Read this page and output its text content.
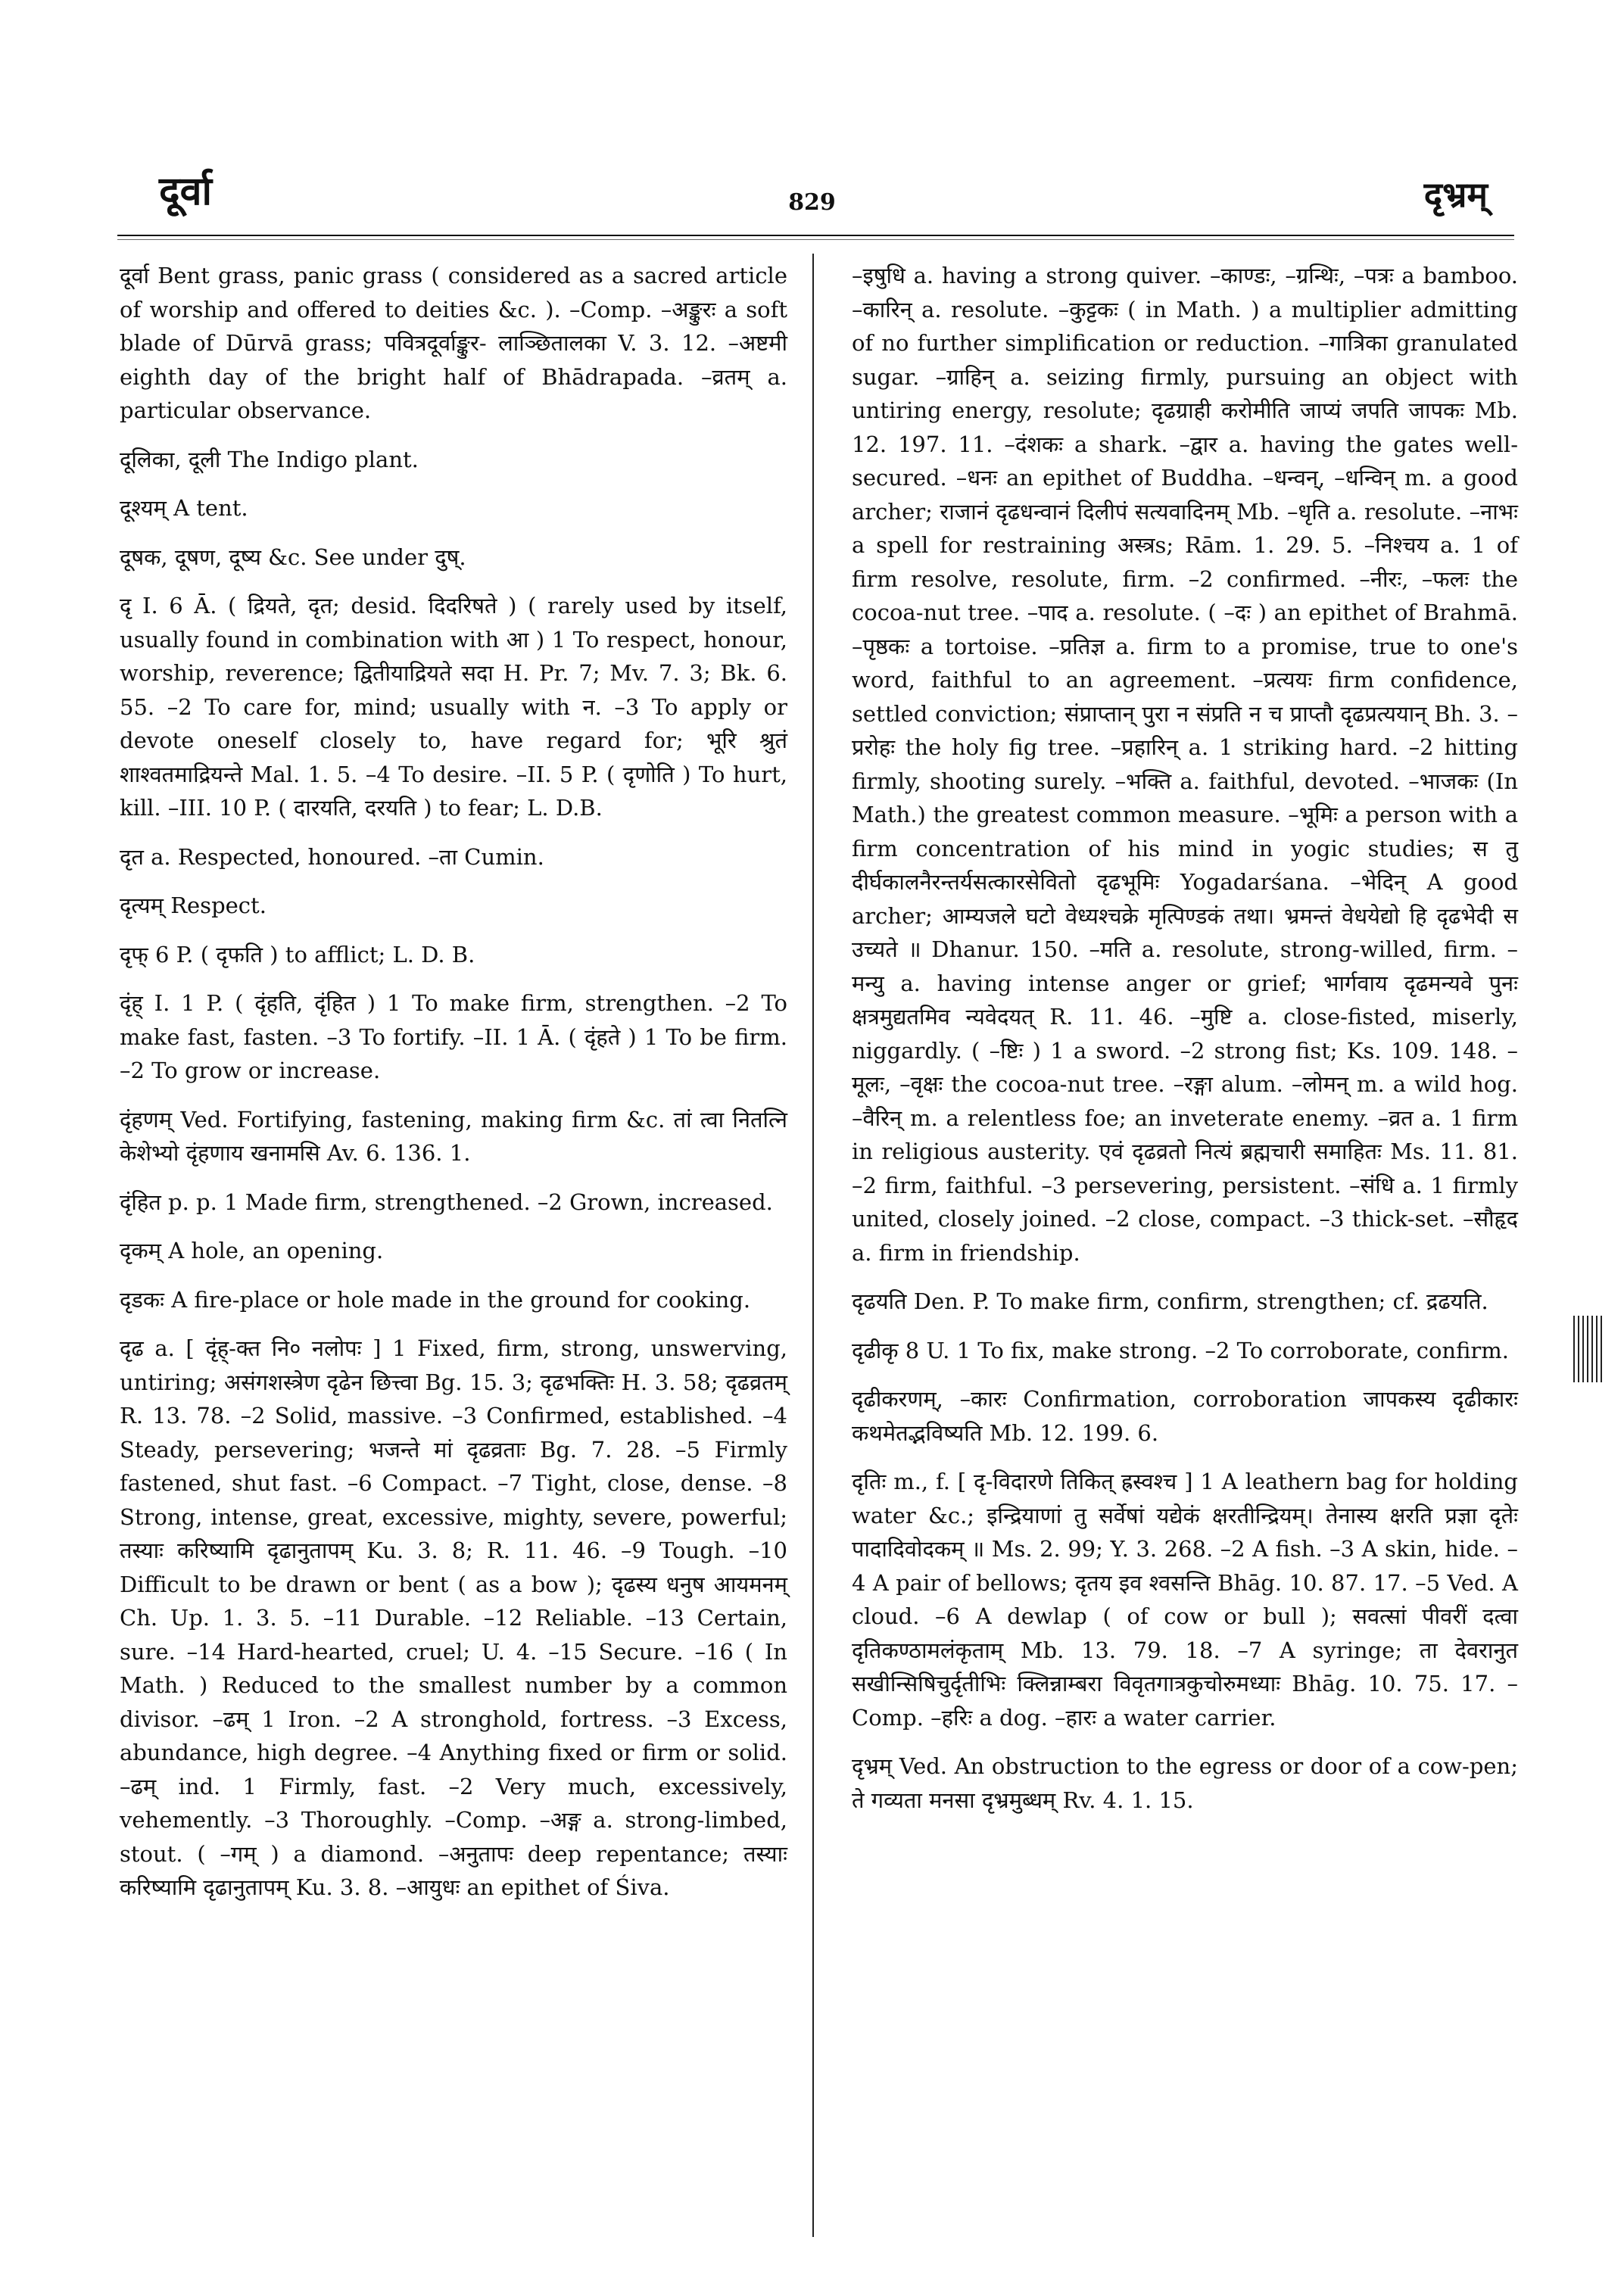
दूर्वा	829	दृभ्रम्

दूर्वा Bent grass, panic grass ( considered as a sacred article of worship and offered to deities &c. ). –Comp. –अङ्कुरः a soft blade of Dūrvā grass; पवित्रदूर्वाङ्कुर- लाञ्छितालका V. 3. 12. –अष्टमी eighth day of the bright half of Bhādrapada. –व्रतम् a. particular observance.

दूलिका, दूली The Indigo plant.

दूश्यम् A tent.

दूषक, दूषण, दूष्य &c. See under दुष्.

दृ I. 6 Ā. ( द्रियते, दृत; desid. दिदरिषते ) ( rarely used by itself, usually found in combination with आ ) 1 To respect, honour, worship, reverence; द्वितीयाद्रियते सदा H. Pr. 7; Mv. 7. 3; Bk. 6. 55. –2 To care for, mind; usually with न. –3 To apply or devote oneself closely to, have regard for; भूरि श्रुतं शाश्वतमाद्रियन्ते Mal. 1. 5. –4 To desire. –II. 5 P. ( दृणोति ) To hurt, kill. –III. 10 P. ( दारयति, दरयति ) to fear; L. D.B.

दृत a. Respected, honoured. –ता Cumin.

दृत्यम् Respect.

दृफ् 6 P. ( दृफति ) to afflict; L. D. B.

दृंह् I. 1 P. ( दृंहति, दृंहित ) 1 To make firm, strengthen. –2 To make fast, fasten. –3 To fortify. –II. 1 Ā. ( दृंहते ) 1 To be firm. –2 To grow or increase.

दृंहणम् Ved. Fortifying, fastening, making firm &c. तां त्वा नितत्नि केशेभ्यो दृंहणाय खनामसि Av. 6. 136. 1.

दृंहित p. p. 1 Made firm, strengthened. –2 Grown, increased.

दृकम् A hole, an opening.

दृडकः A fire-place or hole made in the ground for cooking.

दृढ a. [ दृंह्-क्त नि० नलोपः ] 1 Fixed, firm, strong, unswerving, untiring; असंगशस्त्रेण दृढेन छित्त्वा Bg. 15. 3; दृढभक्तिः H. 3. 58; दृढव्रतम् R. 13. 78. –2 Solid, massive. –3 Confirmed, established. –4 Steady, persevering; भजन्ते मां दृढव्रताः Bg. 7. 28. –5 Firmly fastened, shut fast. –6 Compact. –7 Tight, close, dense. –8 Strong, intense, great, excessive, mighty, severe, powerful; तस्याः करिष्यामि दृढानुतापम् Ku. 3. 8; R. 11. 46. –9 Tough. –10 Difficult to be drawn or bent ( as a bow ); दृढस्य धनुष आयमनम् Ch. Up. 1. 3. 5. –11 Durable. –12 Reliable. –13 Certain, sure. –14 Hard-hearted, cruel; U. 4. –15 Secure. –16 ( In Math. ) Reduced to the smallest number by a common divisor. –ढम् 1 Iron. –2 A stronghold, fortress. –3 Excess, abundance, high degree. –4 Anything fixed or firm or solid. –ढम् ind. 1 Firmly, fast. –2 Very much, excessively, vehemently. –3 Thoroughly. –Comp. –अङ्ग a. strong-limbed, stout. ( –गम् ) a diamond. –अनुतापः deep repentance; तस्याः करिष्यामि दृढानुतापम् Ku. 3. 8. –आयुधः an epithet of Śiva.

–इषुधि a. having a strong quiver. –काण्डः, –ग्रन्थिः, –पत्रः a bamboo. –कारिन् a. resolute. –कुट्टकः ( in Math. ) a multiplier admitting of no further simplification or reduction. –गात्रिका granulated sugar. –ग्राहिन् a. seizing firmly, pursuing an object with untiring energy, resolute; दृढग्राही करोमीति जाप्यं जपति जापकः Mb. 12. 197. 11. –दंशकः a shark. –द्वार a. having the gates well-secured. –धनः an epithet of Buddha. –धन्वन्, –धन्विन् m. a good archer; राजानं दृढधन्वानं दिलीपं सत्यवादिनम् Mb. –धृति a. resolute. –नाभः a spell for restraining अस्त्रs; Rām. 1. 29. 5. –निश्चय a. 1 of firm resolve, resolute, firm. –2 confirmed. –नीरः, –फलः the cocoa-nut tree. –पाद a. resolute. ( –दः ) an epithet of Brahmā. –पृष्ठकः a tortoise. –प्रतिज्ञ a. firm to a promise, true to one's word, faithful to an agreement. –प्रत्ययः firm confidence, settled conviction; संप्राप्तान् पुरा न संप्रति न च प्राप्तौ दृढप्रत्ययान् Bh. 3. –प्ररोहः the holy fig tree. –प्रहारिन् a. 1 striking hard. –2 hitting firmly, shooting surely. –भक्ति a. faithful, devoted. –भाजकः (In Math.) the greatest common measure. –भूमिः a person with a firm concentration of his mind in yogic studies; स तु दीर्घकालनैरन्तर्यसत्कारसेवितो दृढभूमिः Yogadarśana. –भेदिन् A good archer; आम्यजले घटो वेध्यश्चक्रे मृत्पिण्डकं तथा। भ्रमन्तं वेधयेद्यो हि दृढभेदी स उच्यते ॥ Dhanur. 150. –मति a. resolute, strong-willed, firm. –मन्यु a. having intense anger or grief; भार्गवाय दृढमन्यवे पुनः क्षत्रमुद्यतमिव न्यवेदयत् R. 11. 46. –मुष्टि a. close-fisted, miserly, niggardly. ( –ष्टिः ) 1 a sword. –2 strong fist; Ks. 109. 148. –मूलः, –वृक्षः the cocoa-nut tree. –रङ्गा alum. –लोमन् m. a wild hog. –वैरिन् m. a relentless foe; an inveterate enemy. –व्रत a. 1 firm in religious austerity. एवं दृढव्रतो नित्यं ब्रह्मचारी समाहितः Ms. 11. 81. –2 firm, faithful. –3 persevering, persistent. –संधि a. 1 firmly united, closely joined. –2 close, compact. –3 thick-set. –सौहृद a. firm in friendship.

दृढयति Den. P. To make firm, confirm, strengthen; cf. द्रढयति.

दृढीकृ 8 U. 1 To fix, make strong. –2 To corroborate, confirm.

दृढीकरणम्, –कारः Confirmation, corroboration जापकस्य दृढीकारः कथमेतद्भविष्यति Mb. 12. 199. 6.

दृतिः m., f. [ दृ-विदारणे तिकित् ह्रस्वश्च ] 1 A leathern bag for holding water &c.; इन्द्रियाणां तु सर्वेषां यद्येकं क्षरतीन्द्रियम्। तेनास्य क्षरति प्रज्ञा दृतेः पादादिवोदकम् ॥ Ms. 2. 99; Y. 3. 268. –2 A fish. –3 A skin, hide. –4 A pair of bellows; दृतय इव श्वसन्ति Bhāg. 10. 87. 17. –5 Ved. A cloud. –6 A dewlap ( of cow or bull ); सवत्सां पीवरीं दत्वा दृतिकण्ठामलंकृताम् Mb. 13. 79. 18. –7 A syringe; ता देवरानुत सखीन्सिषिचुर्दृतीभिः क्लिन्नाम्बरा विवृतगात्रकुचोरुमध्याः Bhāg. 10. 75. 17. –Comp. –हरिः a dog. –हारः a water carrier.

दृभ्रम् Ved. An obstruction to the egress or door of a cow-pen; ते गव्यता मनसा दृभ्रमुब्धम् Rv. 4. 1. 15.
